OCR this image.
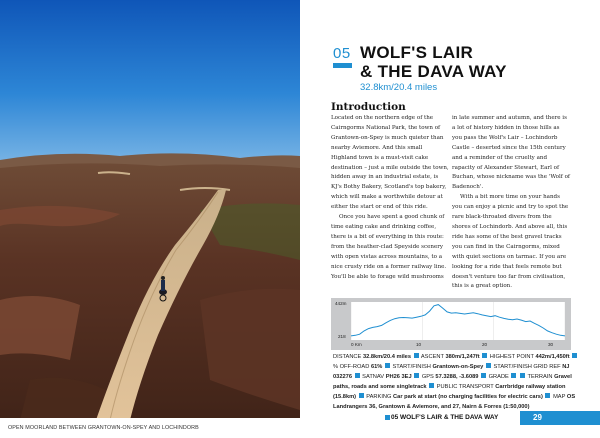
OPEN MOORLAND BETWEEN GRANTOWN-ON-SPEY AND LOCHINDORB
05 WOLF'S LAIR
& THE DAVA WAY
32.8km/20.4 miles
Introduction

Located on the northern edge of the Cairngorms National Park, the town of Grantown-on-Spey is much quieter than nearby Aviemore. And this small Highland town is a must-visit cake destination – just a mile outside the town, hidden away in an industrial estate, is KJ's Bothy Bakery, Scotland's top bakery, which will make a worthwhile detour at either the start or end of this ride.

Once you have spent a good chunk of time eating cake and drinking coffee, there is a bit of everything in this route: from the heather-clad Speyside scenery with open vistas across mountains, to a nice crusty ride on a former railway line. You'll be able to forage wild mushrooms

in late summer and autumn, and there is a lot of history hidden in those hills as you pass the Wolf's Lair – Lochindorb Castle – deserted since the 15th century and a reminder of the cruelty and rapacity of Alexander Stewart, Earl of Buchan, whose nickname was the 'Wolf of Badenoch'.

With a bit more time on your hands you can enjoy a picnic and try to spot the rare black-throated divers from the shores of Lochindorb. And above all, this ride has some of the best gravel tracks you can find in the Cairngorms, mixed with quiet sections on tarmac. If you are looking for a ride that feels remote but doesn't venture too far from civilisation, this is a great option.

442m
218
0 Km	10	20	30
DISTANCE 32.8km/20.4 miles ASCENT 380m/1,247ft HIGHEST POINT 442m/1,450ft  % OFF-ROAD 61% START/FINISH Grantown-on-Spey START/FINISH GRID REF NJ 032276 SATNAV PH26 3EJ GPS 57.3288, -3.6089 GRADE	TERRAIN Gravel paths, roads and some singletrack PUBLIC TRANSPORT Carrbridge railway station (15.8km) PARKING Car park at start (no charging facilities for electric cars) MAP OS Landrangers 36, Grantown & Aviemore, and 27, Nairn & Forres (1:50,000)
05 WOLF'S LAIR & THE DAVA WAY	29
